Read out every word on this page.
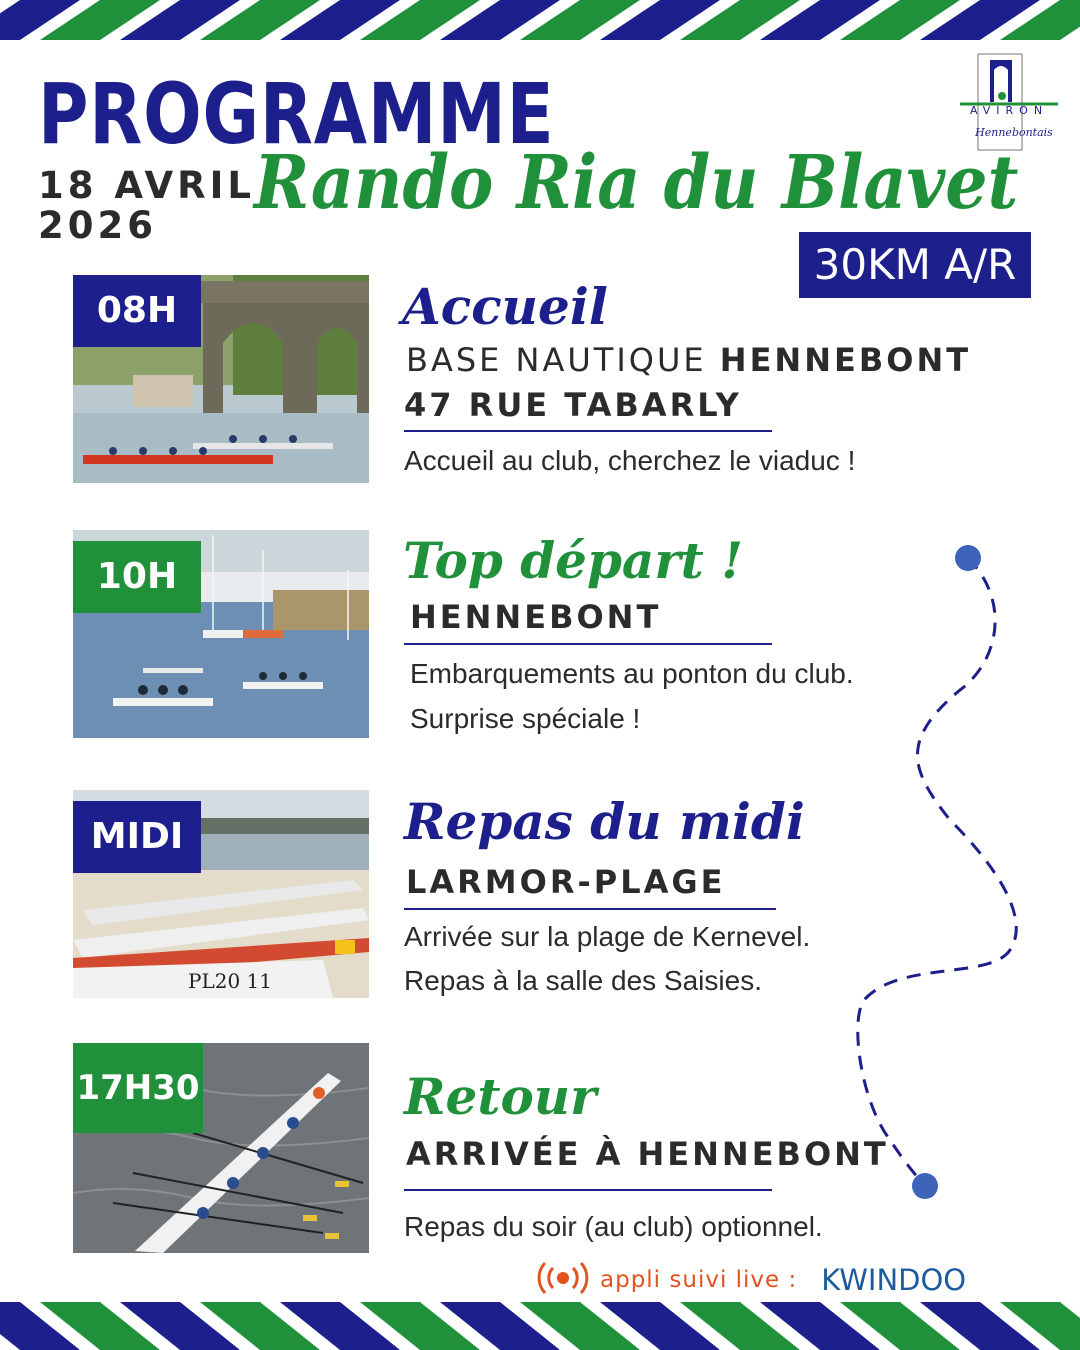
PROGRAMME
18 AVRIL
2026	Rando Ria du Blavet
30KM A/R
AVIRON
Hennebontais
08H	Accueil
BASE NAUTIQUE HENNEBONT
47 RUE TABARLY
Accueil au club, cherchez le viaduc !
10H	Top départ !
HENNEBONT
Embarquements au ponton du club.
Surprise spéciale !
PL20 11
MIDI	Repas du midi
LARMOR-PLAGE
Arrivée sur la plage de Kernevel.
Repas à la salle des Saisies.
17H30	Retour
ARRIVÉE À HENNEBONT
Repas du soir (au club) optionnel.
appli suivi live : KWINDOO
